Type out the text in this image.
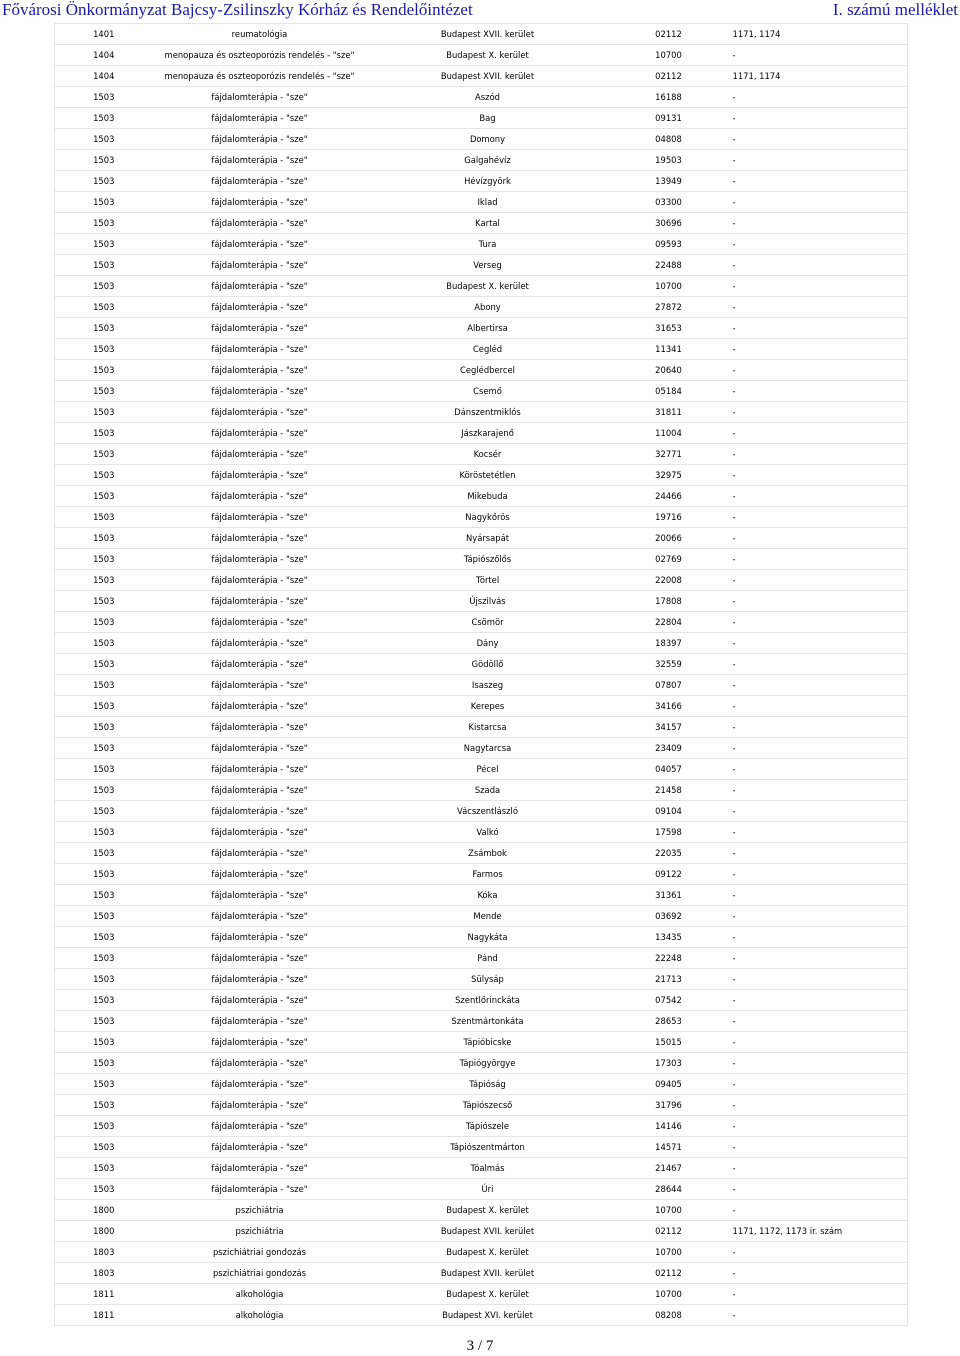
Fővárosi Önkormányzat Bajcsy-Zsilinszky Kórház és Rendelőintézet	I. számú melléklet
1401	reumatológia	Budapest XVII. kerület	02112	1171, 1174
1404	menopauza és oszteoporózis rendelés - "sze"	Budapest X. kerület	10700	-
1404	menopauza és oszteoporózis rendelés - "sze"	Budapest XVII. kerület	02112	1171, 1174
1503	fájdalomterápia - "sze"	Aszód	16188	-
1503	fájdalomterápia - "sze"	Bag	09131	-
1503	fájdalomterápia - "sze"	Domony	04808	-
1503	fájdalomterápia - "sze"	Galgahévíz	19503	-
1503	fájdalomterápia - "sze"	Hévízgyörk	13949	-
1503	fájdalomterápia - "sze"	Iklad	03300	-
1503	fájdalomterápia - "sze"	Kartal	30696	-
1503	fájdalomterápia - "sze"	Tura	09593	-
1503	fájdalomterápia - "sze"	Verseg	22488	-
1503	fájdalomterápia - "sze"	Budapest X. kerület	10700	-
1503	fájdalomterápia - "sze"	Abony	27872	-
1503	fájdalomterápia - "sze"	Albertirsa	31653	-
1503	fájdalomterápia - "sze"	Cegléd	11341	-
1503	fájdalomterápia - "sze"	Ceglédbercel	20640	-
1503	fájdalomterápia - "sze"	Csemő	05184	-
1503	fájdalomterápia - "sze"	Dánszentmiklós	31811	-
1503	fájdalomterápia - "sze"	Jászkarajenő	11004	-
1503	fájdalomterápia - "sze"	Kocsér	32771	-
1503	fájdalomterápia - "sze"	Köröstetétlen	32975	-
1503	fájdalomterápia - "sze"	Mikebuda	24466	-
1503	fájdalomterápia - "sze"	Nagykőrös	19716	-
1503	fájdalomterápia - "sze"	Nyársapát	20066	-
1503	fájdalomterápia - "sze"	Tápiószőlős	02769	-
1503	fájdalomterápia - "sze"	Törtel	22008	-
1503	fájdalomterápia - "sze"	Újszilvás	17808	-
1503	fájdalomterápia - "sze"	Csömör	22804	-
1503	fájdalomterápia - "sze"	Dány	18397	-
1503	fájdalomterápia - "sze"	Gödöllő	32559	-
1503	fájdalomterápia - "sze"	Isaszeg	07807	-
1503	fájdalomterápia - "sze"	Kerepes	34166	-
1503	fájdalomterápia - "sze"	Kistarcsa	34157	-
1503	fájdalomterápia - "sze"	Nagytarcsa	23409	-
1503	fájdalomterápia - "sze"	Pécel	04057	-
1503	fájdalomterápia - "sze"	Szada	21458	-
1503	fájdalomterápia - "sze"	Vácszentlászló	09104	-
1503	fájdalomterápia - "sze"	Valkó	17598	-
1503	fájdalomterápia - "sze"	Zsámbok	22035	-
1503	fájdalomterápia - "sze"	Farmos	09122	-
1503	fájdalomterápia - "sze"	Kóka	31361	-
1503	fájdalomterápia - "sze"	Mende	03692	-
1503	fájdalomterápia - "sze"	Nagykáta	13435	-
1503	fájdalomterápia - "sze"	Pánd	22248	-
1503	fájdalomterápia - "sze"	Sülysáp	21713	-
1503	fájdalomterápia - "sze"	Szentlőrinckáta	07542	-
1503	fájdalomterápia - "sze"	Szentmártonkáta	28653	-
1503	fájdalomterápia - "sze"	Tápióbicske	15015	-
1503	fájdalomterápia - "sze"	Tápiógyörgye	17303	-
1503	fájdalomterápia - "sze"	Tápióság	09405	-
1503	fájdalomterápia - "sze"	Tápiószecső	31796	-
1503	fájdalomterápia - "sze"	Tápiószele	14146	-
1503	fájdalomterápia - "sze"	Tápiószentmárton	14571	-
1503	fájdalomterápia - "sze"	Tóalmás	21467	-
1503	fájdalomterápia - "sze"	Úri	28644	-
1800	pszichiátria	Budapest X. kerület	10700	-
1800	pszichiátria	Budapest XVII. kerület	02112	1171, 1172, 1173 ir. szám
1803	pszichiátriai gondozás	Budapest X. kerület	10700	-
1803	pszichiátriai gondozás	Budapest XVII. kerület	02112	-
1811	alkohológia	Budapest X. kerület	10700	-
1811	alkohológia	Budapest XVI. kerület	08208	-
3 / 7
